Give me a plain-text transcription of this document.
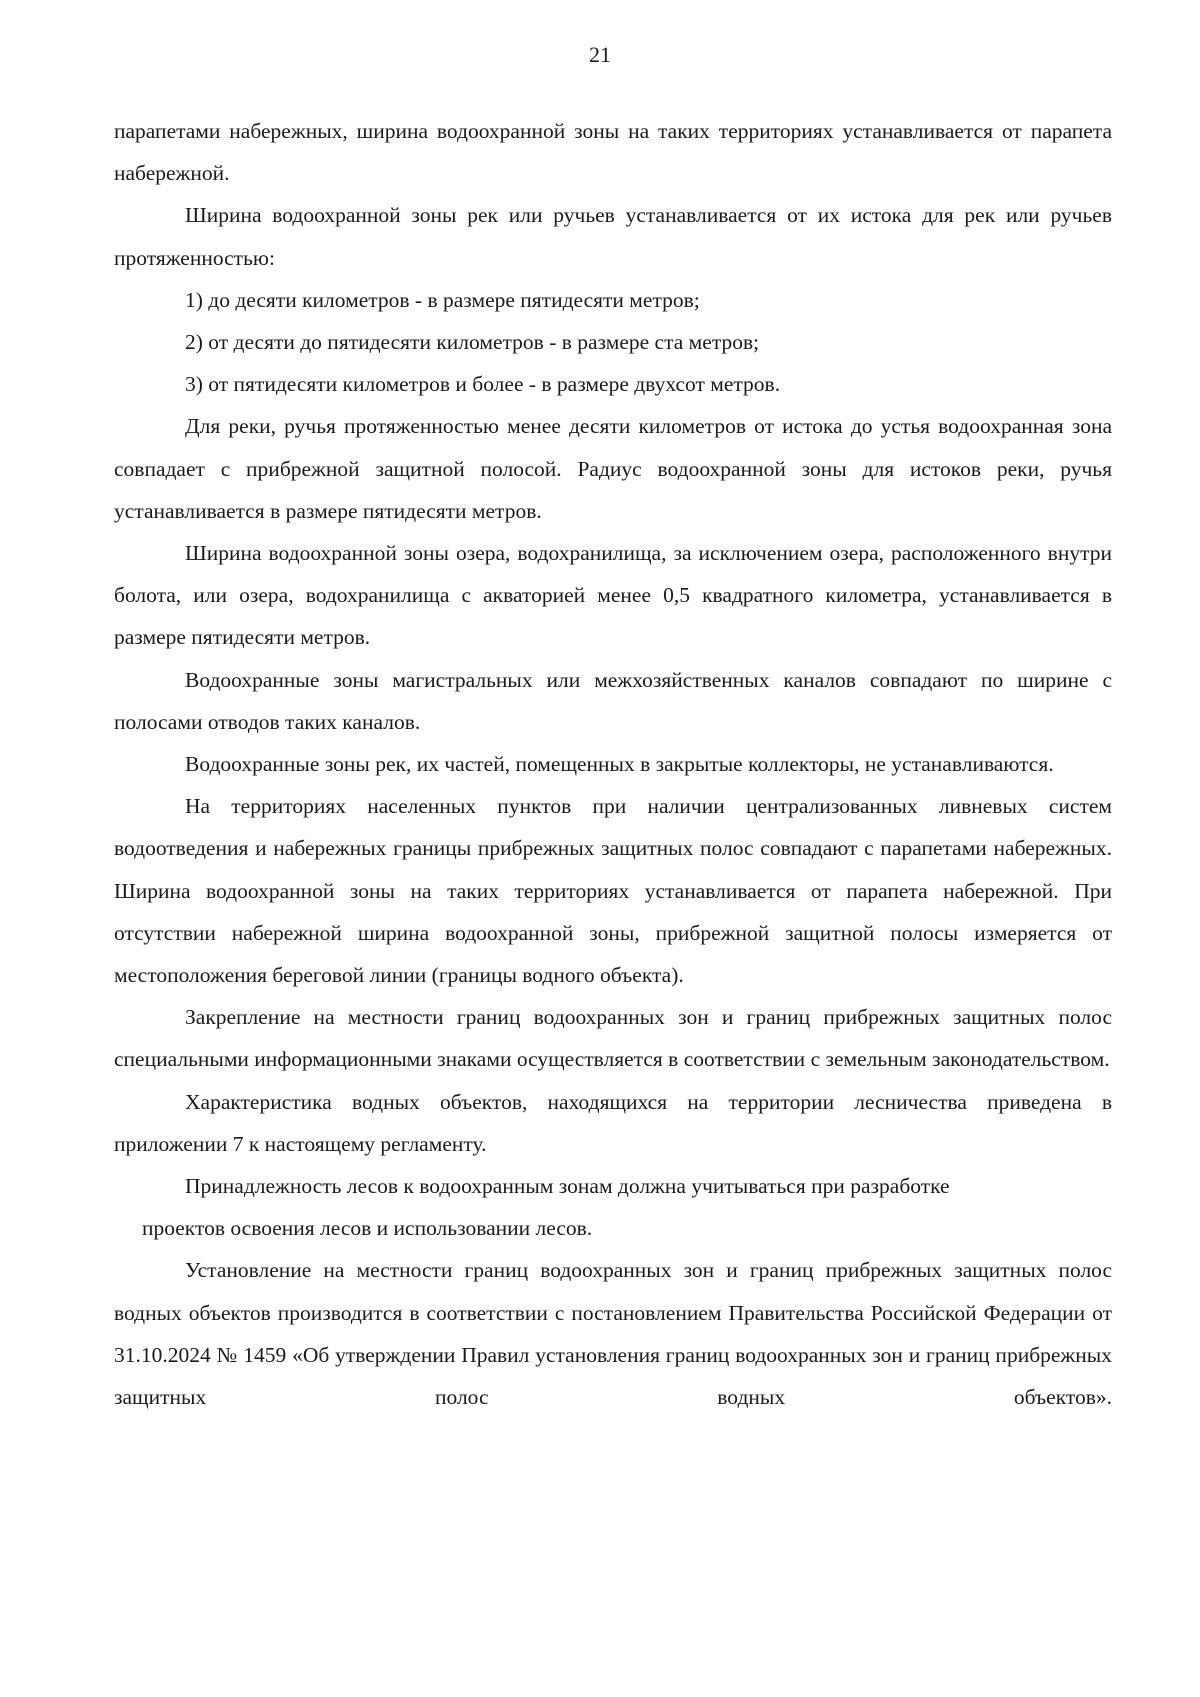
21

парапетами набережных, ширина водоохранной зоны на таких территориях устанавливается от парапета набережной.

Ширина водоохранной зоны рек или ручьев устанавливается от их истока для рек или ручьев протяженностью:

1) до десяти километров - в размере пятидесяти метров;

2) от десяти до пятидесяти километров - в размере ста метров;

3) от пятидесяти километров и более - в размере двухсот метров.

Для реки, ручья протяженностью менее десяти километров от истока до устья водоохранная зона совпадает с прибрежной защитной полосой. Радиус водоохранной зоны для истоков реки, ручья устанавливается в размере пятидесяти метров.

Ширина водоохранной зоны озера, водохранилища, за исключением озера, расположенного внутри болота, или озера, водохранилища с акваторией менее 0,5 квадратного километра, устанавливается в размере пятидесяти метров.

Водоохранные зоны магистральных или межхозяйственных каналов совпадают по ширине с полосами отводов таких каналов.

Водоохранные зоны рек, их частей, помещенных в закрытые коллекторы, не устанавливаются.

На территориях населенных пунктов при наличии централизованных ливневых систем водоотведения и набережных границы прибрежных защитных полос совпадают с парапетами набережных. Ширина водоохранной зоны на таких территориях устанавливается от парапета набережной. При отсутствии набережной ширина водоохранной зоны, прибрежной защитной полосы измеряется от местоположения береговой линии (границы водного объекта).

Закрепление на местности границ водоохранных зон и границ прибрежных защитных полос специальными информационными знаками осуществляется в соответствии с земельным законодательством.

Характеристика водных объектов, находящихся на территории лесничества приведена в приложении 7 к настоящему регламенту.

Принадлежность лесов к водоохранным зонам должна учитываться при разработке
проектов освоения лесов и использовании лесов.

Установление на местности границ водоохранных зон и границ прибрежных защитных полос водных объектов производится в соответствии с постановлением Правительства Российской Федерации от 31.10.2024 № 1459 «Об утверждении Правил установления границ водоохранных зон и границ прибрежных защитных полос водных объектов».
